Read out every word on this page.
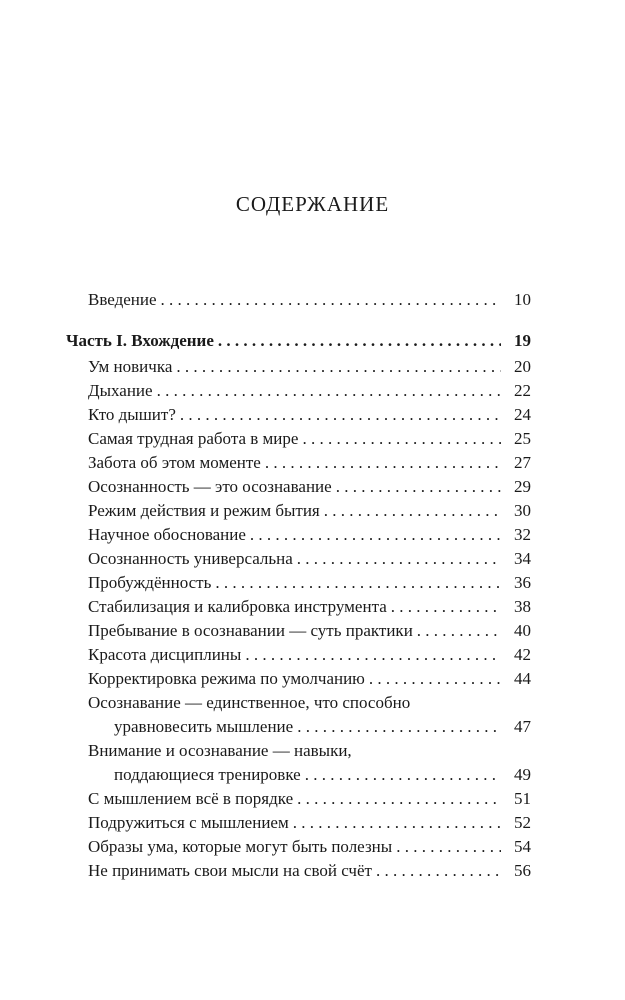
СОДЕРЖАНИЕ
Введение . . .	10
Часть I. Вхождение . . .	19
Ум новичка . . .	20
Дыхание . . .	22
Кто дышит? . . .	24
Самая трудная работа в мире . . .	25
Забота об этом моменте . . .	27
Осознанность — это осознавание . . .	29
Режим действия и режим бытия . . .	30
Научное обоснование . . .	32
Осознанность универсальна . . .	34
Пробуждённость . . .	36
Стабилизация и калибровка инструмента . . .	38
Пребывание в осознавании — суть практики . . .	40
Красота дисциплины . . .	42
Корректировка режима по умолчанию . . .	44
Осознавание — единственное, что способно
уравновесить мышление . . .	47
Внимание и осознавание — навыки,
поддающиеся тренировке . . .	49
С мышлением всё в порядке . . .	51
Подружиться с мышлением . . .	52
Образы ума, которые могут быть полезны . . .	54
Не принимать свои мысли на свой счёт . . .	56
